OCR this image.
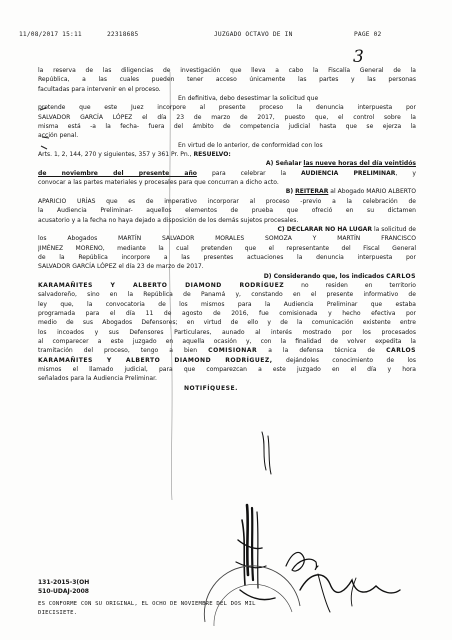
11/08/2017 15:11	22318685	JUZGADO OCTAVO DE IN	PAGE 02
3
la reserva de las diligencias de investigación que lleva a cabo la Fiscalía General de la
República, a las cuales pueden tener acceso únicamente las partes y las personas
facultadas para intervenir en el proceso.
En definitiva, debo desestimar la solicitud que
pretende que este Juez incorpore al presente proceso la denuncia interpuesta por
SALVADOR GARCÍA LÓPEZ el día 23 de marzo de 2017, puesto que, el control sobre la
misma está -a la fecha- fuera del ámbito de competencia judicial hasta que se ejerza la
acción penal.
En virtud de lo anterior, de conformidad con los
Arts. 1, 2, 144, 270 y siguientes, 357 y 361 Pr. Pn., RESUELVO:
A) Señalar las nueve horas del día veintidós
de noviembre del presente año para celebrar la AUDIENCIA PRELIMINAR, y
convocar a las partes materiales y procesales para que concurran a dicho acto.
B) REITERAR al Abogado MARIO ALBERTO
APARICIO URÍAS que es de imperativo incorporar al proceso -previo a la celebración de
la Audiencia Preliminar- aquellos elementos de prueba que ofreció en su dictamen
acusatorio y a la fecha no haya dejado a disposición de los demás sujetos procesales.
C) DECLARAR NO HA LUGAR la solicitud de
los Abogados MARTÍN SALVADOR MORALES SOMOZA Y MARTÍN FRANCISCO
JIMÉNEZ MORENO, mediante la cual pretenden que el representante del Fiscal General
de la República incorpore a las presentes actuaciones la denuncia interpuesta por
SALVADOR GARCÍA LÓPEZ el día 23 de marzo de 2017.
D) Considerando que, los indicados CARLOS
KARAMAÑITES Y ALBERTO DIAMOND RODRÍGUEZ	no residen en territorio
salvadoreño, sino en la República de Panamá y, constando en el presente informativo de
ley que, la convocatoria de los mismos para la Audiencia Preliminar que estaba
programada para el día 11 de agosto de 2016, fue comisionada y hecho efectiva por
medio de sus Abogados Defensores; en virtud de ello y de la comunicación existente entre
los incoados y sus Defensores Particulares, aunado al interés mostrado por los procesados
al comparecer a este juzgado en aquella ocasión y, con la finalidad de volver expedita la
tramitación del proceso, tengo a bien COMISIONAR a la defensa técnica de CARLOS
KARAMAÑITES Y ALBERTO DIAMOND RODRÍGUEZ, dejándoles conocimiento de los
mismos el llamado judicial, para que comparezcan a este juzgado en el día y hora
señalados para la Audiencia Preliminar.
NOTIFÍQUESE.
131-2015-3(OH
510-UDAJ-2008
ES CONFORME CON SU ORIGINAL, EL OCHO DE NOVIEMBRE DEL DOS MIL
DIECISIETE.
